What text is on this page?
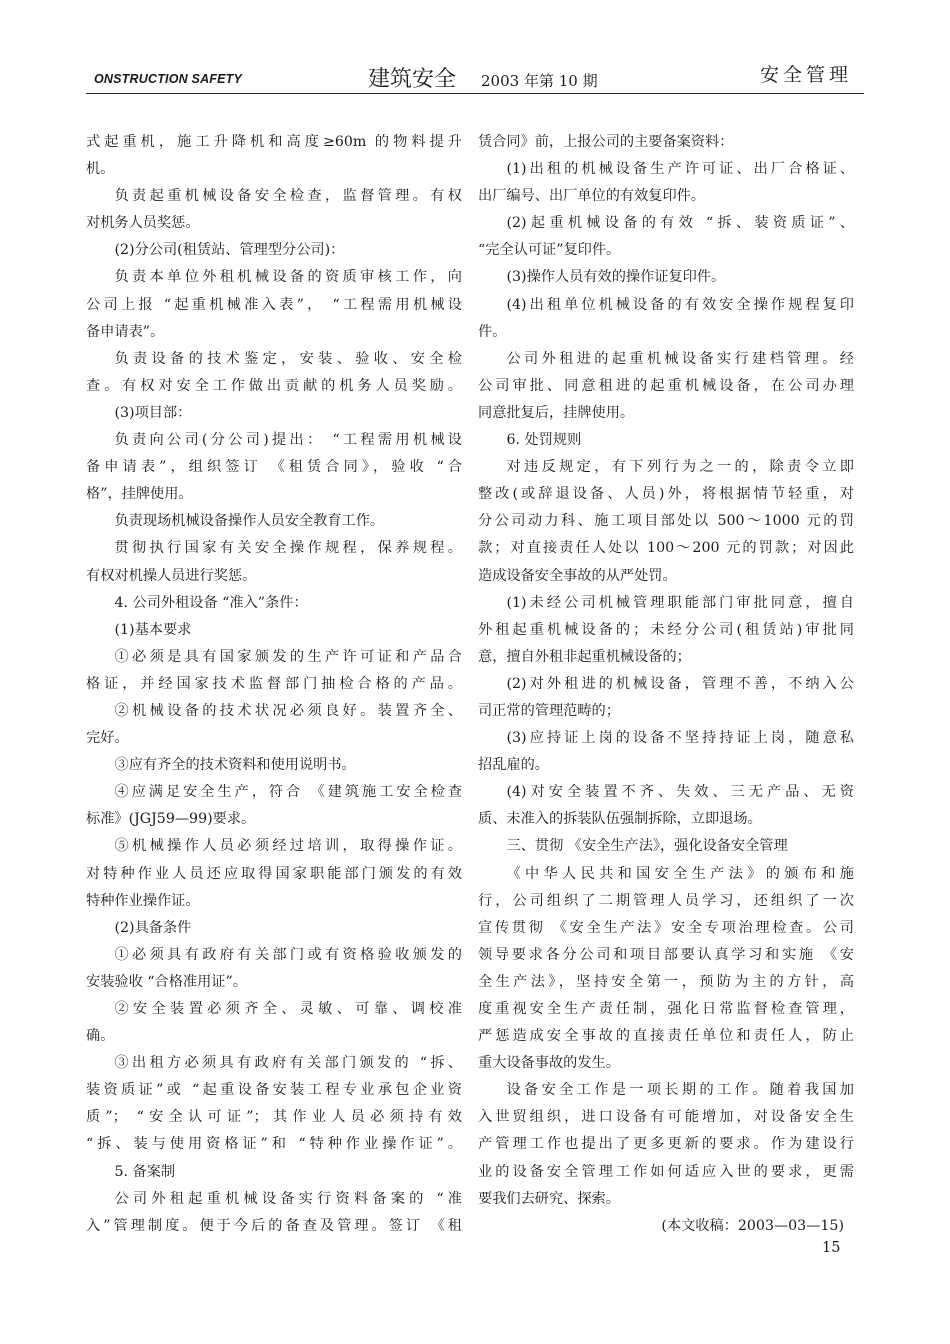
ONSTRUCTION SAFETY	建筑安全 2003 年第 10 期	安全管理
式起重机，施工升降机和高度≥60m 的物料提升
机。
负责起重机械设备安全检查，监督管理。有权
对机务人员奖惩。
(2)分公司(租赁站、管理型分公司)：
负责本单位外租机械设备的资质审核工作，向
公司上报 “起重机械准入表”， “工程需用机械设
备申请表”。
负责设备的技术鉴定，安装、验收、安全检
查。有权对安全工作做出贡献的机务人员奖励。
(3)项目部：
负责向公司(分公司)提出： “工程需用机械设
备申请表”，组织签订 《租赁合同》，验收 “合
格”，挂牌使用。
负责现场机械设备操作人员安全教育工作。
贯彻执行国家有关安全操作规程，保养规程。
有权对机操人员进行奖惩。
4. 公司外租设备 “准入”条件：
(1)基本要求
①必须是具有国家颁发的生产许可证和产品合
格证，并经国家技术监督部门抽检合格的产品。
②机械设备的技术状况必须良好。装置齐全、
完好。
③应有齐全的技术资料和使用说明书。
④应满足安全生产，符合 《建筑施工安全检查
标准》(JGJ59—99)要求。
⑤机械操作人员必须经过培训，取得操作证。
对特种作业人员还应取得国家职能部门颁发的有效
特种作业操作证。
(2)具备条件
①必须具有政府有关部门或有资格验收颁发的
安装验收 “合格准用证”。
②安全装置必须齐全、灵敏、可靠、调校准
确。
③出租方必须具有政府有关部门颁发的 “拆、
装资质证”或 “起重设备安装工程专业承包企业资
质”； “安全认可证”；其作业人员必须持有效
“拆、装与使用资格证”和 “特种作业操作证”。
5. 备案制
公司外租起重机械设备实行资料备案的 “准
入”管理制度。便于今后的备查及管理。签订 《租
赁合同》前，上报公司的主要备案资料：
(1)出租的机械设备生产许可证、出厂合格证、
出厂编号、出厂单位的有效复印件。
(2)起重机械设备的有效 “拆、装资质证”、
“完全认可证”复印件。
(3)操作人员有效的操作证复印件。
(4)出租单位机械设备的有效安全操作规程复印
件。
公司外租进的起重机械设备实行建档管理。经
公司审批、同意租进的起重机械设备，在公司办理
同意批复后，挂牌使用。
6. 处罚规则
对违反规定，有下列行为之一的，除责令立即
整改(或辞退设备、人员)外，将根据情节轻重，对
分公司动力科、施工项目部处以 500～1000 元的罚
款；对直接责任人处以 100～200 元的罚款；对因此
造成设备安全事故的从严处罚。
(1)未经公司机械管理职能部门审批同意，擅自
外租起重机械设备的；未经分公司(租赁站)审批同
意，擅自外租非起重机械设备的；
(2)对外租进的机械设备，管理不善，不纳入公
司正常的管理范畴的；
(3)应持证上岗的设备不坚持持证上岗，随意私
招乱雇的。
(4)对安全装置不齐、失效、三无产品、无资
质、未准入的拆装队伍强制拆除，立即退场。
三、贯彻 《安全生产法》，强化设备安全管理
《中华人民共和国安全生产法》的颁布和施
行，公司组织了二期管理人员学习，还组织了一次
宣传贯彻 《安全生产法》安全专项治理检查。公司
领导要求各分公司和项目部要认真学习和实施 《安
全生产法》，坚持安全第一，预防为主的方针，高
度重视安全生产责任制，强化日常监督检查管理，
严惩造成安全事故的直接责任单位和责任人，防止
重大设备事故的发生。
设备安全工作是一项长期的工作。随着我国加
入世贸组织，进口设备有可能增加，对设备安全生
产管理工作也提出了更多更新的要求。作为建设行
业的设备安全管理工作如何适应入世的要求，更需
要我们去研究、探索。
(本文收稿：2003—03—15)
15
